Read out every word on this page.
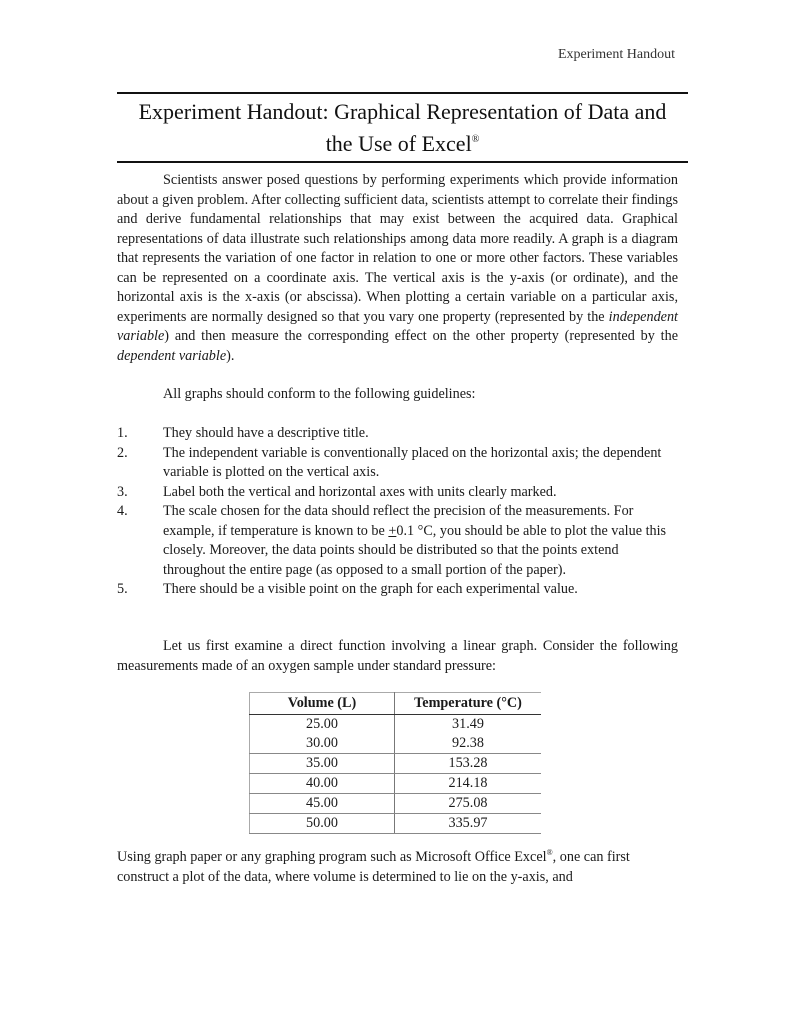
Experiment Handout
Experiment Handout: Graphical Representation of Data and
the Use of Excel®

Scientists answer posed questions by performing experiments which provide information about a given problem. After collecting sufficient data, scientists attempt to correlate their findings and derive fundamental relationships that may exist between the acquired data. Graphical representations of data illustrate such relationships among data more readily. A graph is a diagram that represents the variation of one factor in relation to one or more other factors. These variables can be represented on a coordinate axis. The vertical axis is the y-axis (or ordinate), and the horizontal axis is the x-axis (or abscissa). When plotting a certain variable on a particular axis, experiments are normally designed so that you vary one property (represented by the independent variable) and then measure the corresponding effect on the other property (represented by the dependent variable).

All graphs should conform to the following guidelines:

1. They should have a descriptive title.
2. The independent variable is conventionally placed on the horizontal axis; the dependent variable is plotted on the vertical axis.
3. Label both the vertical and horizontal axes with units clearly marked.
4. The scale chosen for the data should reflect the precision of the measurements. For example, if temperature is known to be +0.1 °C, you should be able to plot the value this closely. Moreover, the data points should be distributed so that the points extend throughout the entire page (as opposed to a small portion of the paper).
5. There should be a visible point on the graph for each experimental value.

Let us first examine a direct function involving a linear graph. Consider the following measurements made of an oxygen sample under standard pressure:

Volume (L)	Temperature (°C)
25.00	31.49
30.00	92.38
35.00	153.28
40.00	214.18
45.00	275.08
50.00	335.97

Using graph paper or any graphing program such as Microsoft Office Excel®, one can first construct a plot of the data, where volume is determined to lie on the y-axis, and
